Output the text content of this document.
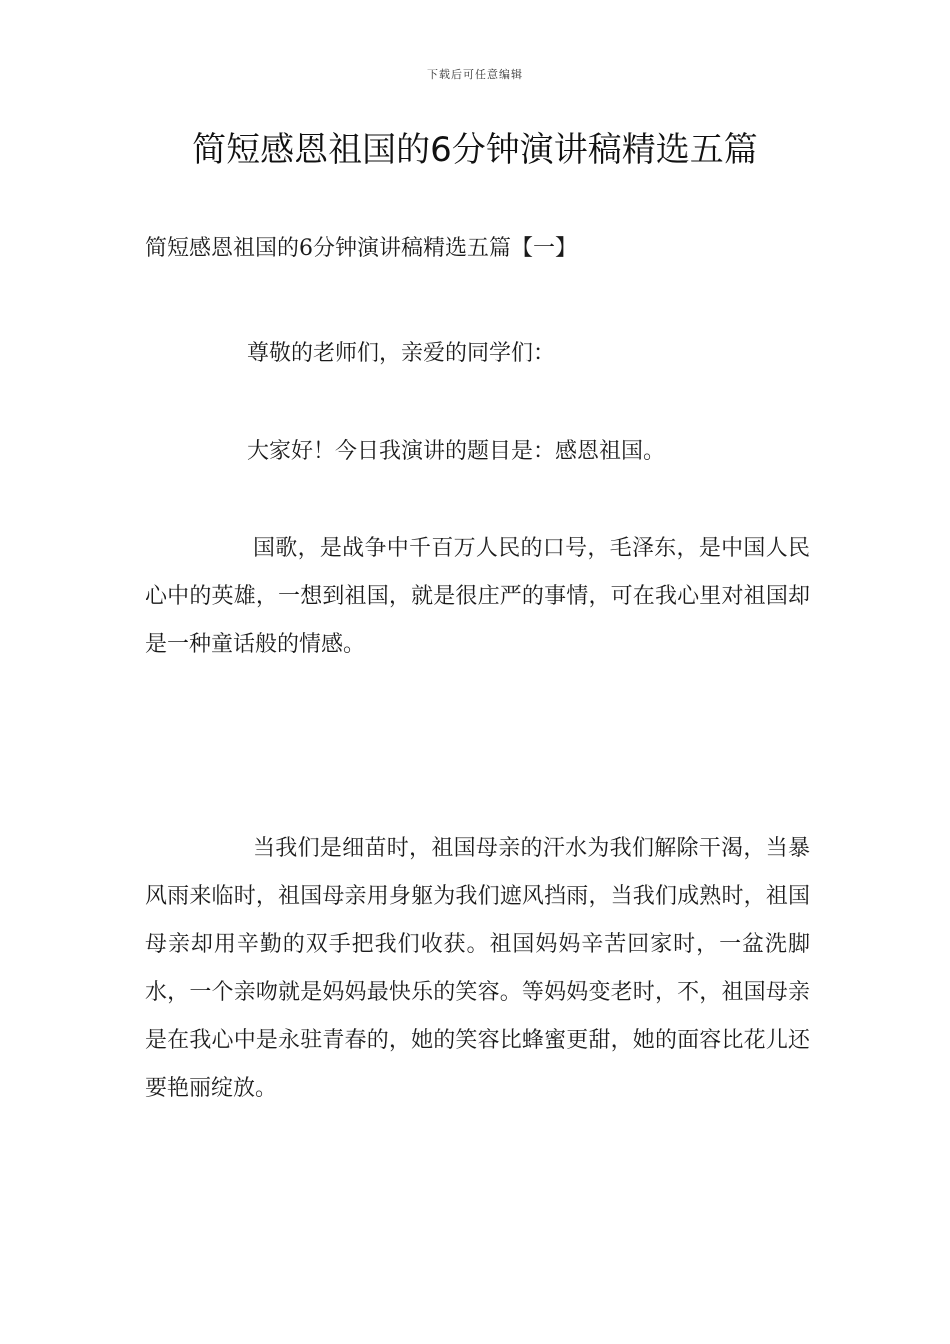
下载后可任意编辑
简短感恩祖国的6分钟演讲稿精选五篇

简短感恩祖国的6分钟演讲稿精选五篇【一】

尊敬的老师们，亲爱的同学们：

大家好！今日我演讲的题目是：感恩祖国。

国歌，是战争中千百万人民的口号，毛泽东，是中国人民心中的英雄，一想到祖国，就是很庄严的事情，可在我心里对祖国却是一种童话般的情感。

当我们是细苗时，祖国母亲的汗水为我们解除干渴，当暴风雨来临时，祖国母亲用身躯为我们遮风挡雨，当我们成熟时，祖国母亲却用辛勤的双手把我们收获。祖国妈妈辛苦回家时，一盆洗脚水，一个亲吻就是妈妈最快乐的笑容。等妈妈变老时，不，祖国母亲是在我心中是永驻青春的，她的笑容比蜂蜜更甜，她的面容比花儿还要艳丽绽放。
